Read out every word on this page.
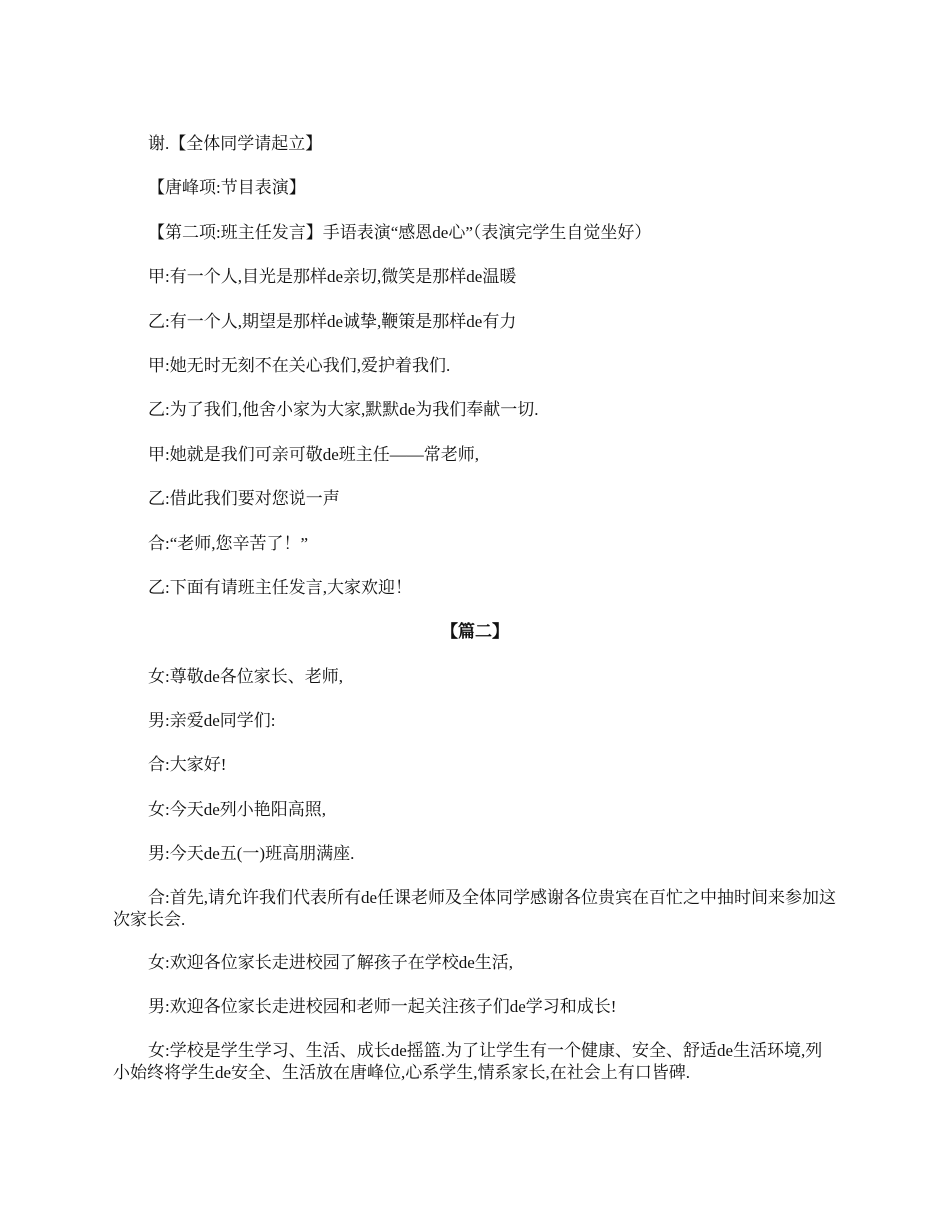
谢.【全体同学请起立】

【唐峰项:节目表演】

【第二项:班主任发言】手语表演“感恩de心”（表演完学生自觉坐好）

甲:有一个人,目光是那样de亲切,微笑是那样de温暖

乙:有一个人,期望是那样de诚挚,鞭策是那样de有力

甲:她无时无刻不在关心我们,爱护着我们.

乙:为了我们,他舍小家为大家,默默de为我们奉献一切.

甲:她就是我们可亲可敬de班主任——常老师,

乙:借此我们要对您说一声

合:“老师,您辛苦了！”

乙:下面有请班主任发言,大家欢迎！

【篇二】

女:尊敬de各位家长、老师,

男:亲爱de同学们:

合:大家好!

女:今天de列小艳阳高照,

男:今天de五(一)班高朋满座.

合:首先,请允许我们代表所有de任课老师及全体同学感谢各位贵宾在百忙之中抽时间来参加这次家长会.

女:欢迎各位家长走进校园了解孩子在学校de生活,

男:欢迎各位家长走进校园和老师一起关注孩子们de学习和成长!

女:学校是学生学习、生活、成长de摇篮.为了让学生有一个健康、安全、舒适de生活环境,列小始终将学生de安全、生活放在唐峰位,心系学生,情系家长,在社会上有口皆碑.
